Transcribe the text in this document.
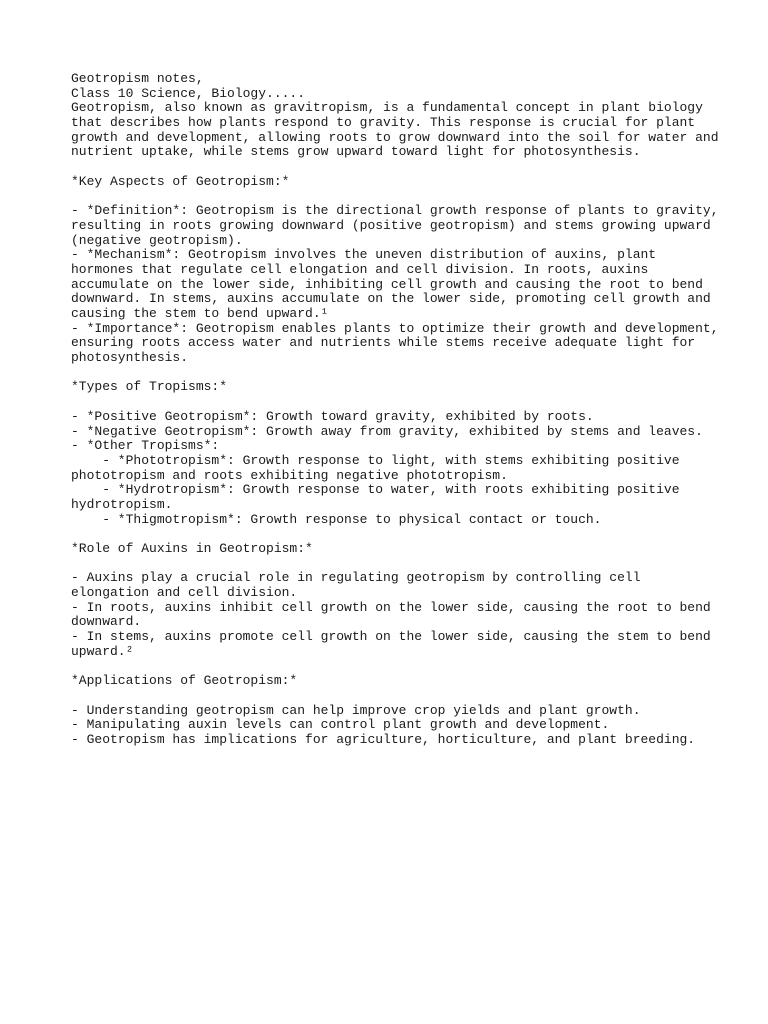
Geotropism notes,
Class 10 Science, Biology.....
Geotropism, also known as gravitropism, is a fundamental concept in plant biology
that describes how plants respond to gravity. This response is crucial for plant
growth and development, allowing roots to grow downward into the soil for water and
nutrient uptake, while stems grow upward toward light for photosynthesis.
*Key Aspects of Geotropism:*
- *Definition*: Geotropism is the directional growth response of plants to gravity,
resulting in roots growing downward (positive geotropism) and stems growing upward
(negative geotropism).
- *Mechanism*: Geotropism involves the uneven distribution of auxins, plant
hormones that regulate cell elongation and cell division. In roots, auxins
accumulate on the lower side, inhibiting cell growth and causing the root to bend
downward. In stems, auxins accumulate on the lower side, promoting cell growth and
causing the stem to bend upward.¹
- *Importance*: Geotropism enables plants to optimize their growth and development,
ensuring roots access water and nutrients while stems receive adequate light for
photosynthesis.
*Types of Tropisms:*
- *Positive Geotropism*: Growth toward gravity, exhibited by roots.
- *Negative Geotropism*: Growth away from gravity, exhibited by stems and leaves.
- *Other Tropisms*:
- *Phototropism*: Growth response to light, with stems exhibiting positive
phototropism and roots exhibiting negative phototropism.
- *Hydrotropism*: Growth response to water, with roots exhibiting positive
hydrotropism.
- *Thigmotropism*: Growth response to physical contact or touch.
*Role of Auxins in Geotropism:*
- Auxins play a crucial role in regulating geotropism by controlling cell
elongation and cell division.
- In roots, auxins inhibit cell growth on the lower side, causing the root to bend
downward.
- In stems, auxins promote cell growth on the lower side, causing the stem to bend
upward.²
*Applications of Geotropism:*
- Understanding geotropism can help improve crop yields and plant growth.
- Manipulating auxin levels can control plant growth and development.
- Geotropism has implications for agriculture, horticulture, and plant breeding.
